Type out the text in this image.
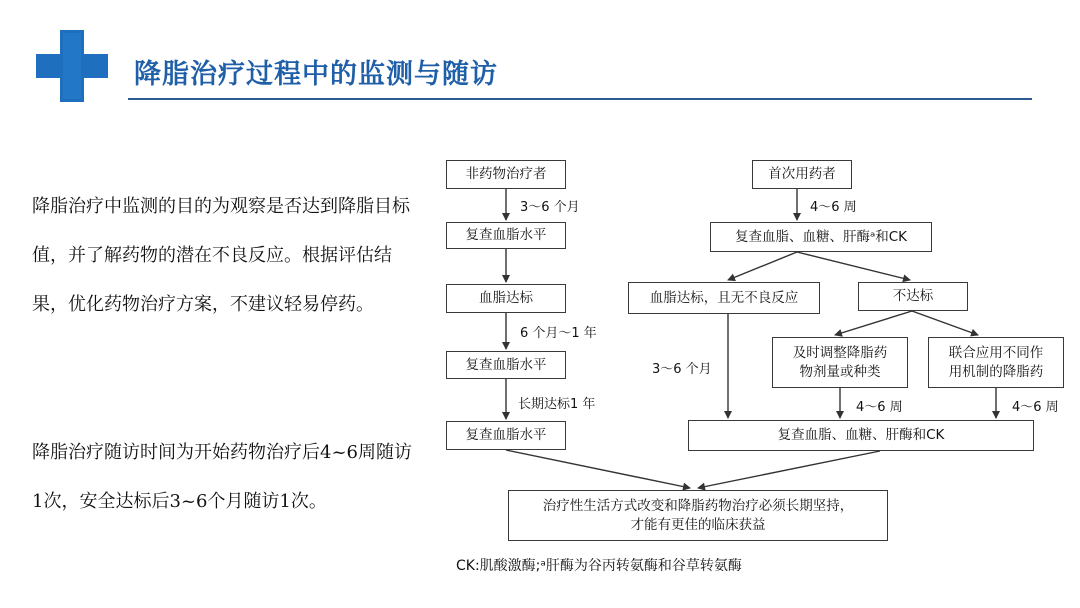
降脂治疗过程中的监测与随访
降脂治疗中监测的目的为观察是否达到降脂目标值，并了解药物的潜在不良反应。根据评估结果，优化药物治疗方案，不建议轻易停药。
降脂治疗随访时间为开始药物治疗后4~6周随访1次，安全达标后3~6个月随访1次。
非药物治疗者
复查血脂水平
血脂达标
复查血脂水平
复查血脂水平
首次用药者
复查血脂、血糖、肝酶ᵃ和CK
血脂达标，且无不良反应	不达标
及时调整降脂药物剂量或种类
联合应用不同作用机制的降脂药
复查血脂、血糖、肝酶和CK
治疗性生活方式改变和降脂药物治疗必须长期坚持，才能有更佳的临床获益
3～6 个月
6 个月～1 年
长期达标1 年
4～6 周
3～6 个月
4～6 周	4～6 周
CK:肌酸激酶;ᵃ肝酶为谷丙转氨酶和谷草转氨酶
